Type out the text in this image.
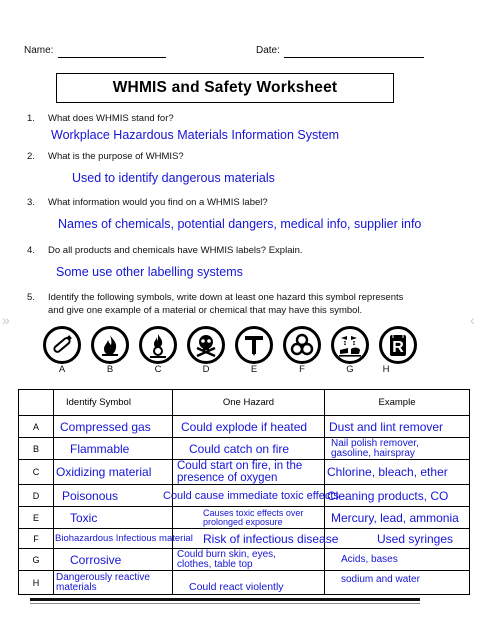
Name:	Date:
WHMIS and Safety Worksheet
1. What does WHMIS stand for?
Workplace Hazardous Materials Information System
2. What is the purpose of WHMIS?
Used to identify dangerous materials
3. What information would you find on a WHMIS label?
Names of chemicals, potential dangers, medical info, supplier info
4. Do all products and chemicals have WHMIS labels? Explain.
Some use other labelling systems
5. Identify the following symbols, write down at least one hazard this symbol represents
and give one example of a material or chemical that may have this symbol.
»	‹
R
A	B	C	D	E	F	G	H
	Identify Symbol	One Hazard	Example
A	Compressed gas	Could explode if heated	Dust and lint remover

B	Flammable	Could catch on fire	Nail polish remover,
gasoline, hairspray

C	Oxidizing material	Could start on fire, in the
presence of oxygen	Chlorine, bleach, ether

D	Poisonous	Could cause immediate toxic effects	Cleaning products, CO

E	Toxic	Causes toxic effects over
prolonged exposure	Mercury, lead, ammonia

F	Biohazardous Infectious material	Risk of infectious disease	Used syringes

G	Corrosive	Could burn skin, eyes,
clothes, table top	Acids, bases

H	Dangerously reactive
materials	Could react violently	sodium and water
